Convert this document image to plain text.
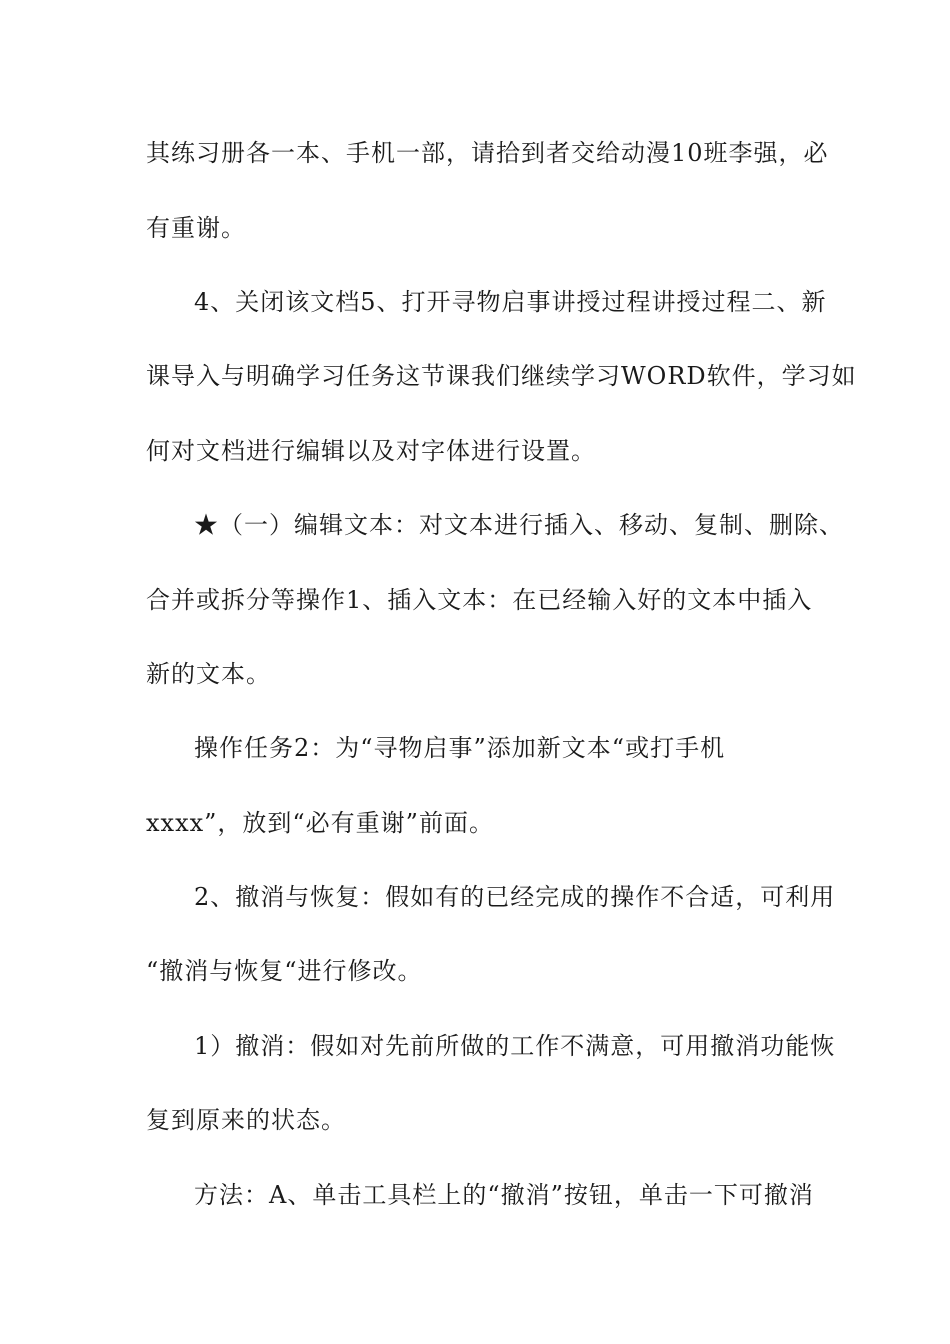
其练习册各一本、手机一部，请拾到者交给动漫10班李强，必
有重谢。
4、关闭该文档5、打开寻物启事讲授过程讲授过程二、新
课导入与明确学习任务这节课我们继续学习WORD软件，学习如
何对文档进行编辑以及对字体进行设置。
★（一）编辑文本：对文本进行插入、移动、复制、删除、
合并或拆分等操作1、插入文本：在已经输入好的文本中插入
新的文本。
操作任务2：为“寻物启事”添加新文本“或打手机
xxxx”，放到“必有重谢”前面。
2、撤消与恢复：假如有的已经完成的操作不合适，可利用
“撤消与恢复“进行修改。
1）撤消：假如对先前所做的工作不满意，可用撤消功能恢
复到原来的状态。
方法：A、单击工具栏上的“撤消”按钮，单击一下可撤消
